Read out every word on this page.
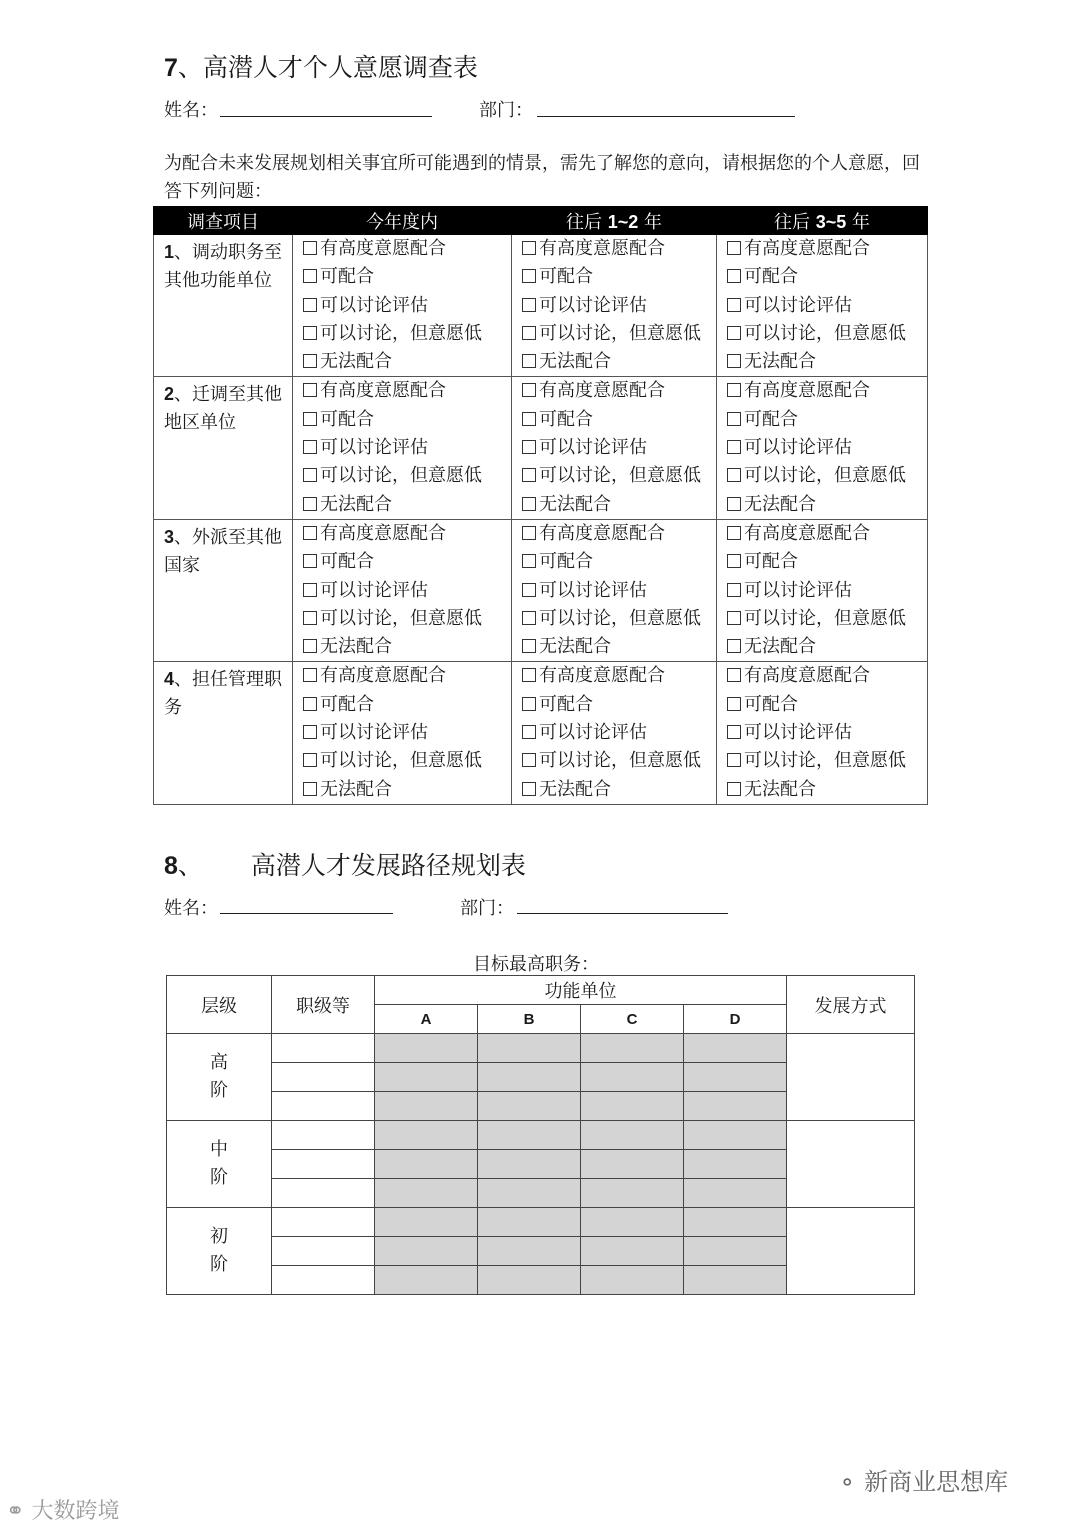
7、高潜人才个人意愿调查表
姓名：	部门：
为配合未来发展规划相关事宜所可能遇到的情景，需先了解您的意向，请根据您的个人意愿，回答下列问题：
调查项目	今年度内	往后 1~2 年	往后 3~5 年

1、调动职务至其他功能单位	有高度意愿配合
可配合
可以讨论评估
可以讨论，但意愿低
无法配合	有高度意愿配合
可配合
可以讨论评估
可以讨论，但意愿低
无法配合	有高度意愿配合
可配合
可以讨论评估
可以讨论，但意愿低
无法配合

2、迁调至其他地区单位	有高度意愿配合
可配合
可以讨论评估
可以讨论，但意愿低
无法配合	有高度意愿配合
可配合
可以讨论评估
可以讨论，但意愿低
无法配合	有高度意愿配合
可配合
可以讨论评估
可以讨论，但意愿低
无法配合

3、外派至其他国家	有高度意愿配合
可配合
可以讨论评估
可以讨论，但意愿低
无法配合	有高度意愿配合
可配合
可以讨论评估
可以讨论，但意愿低
无法配合	有高度意愿配合
可配合
可以讨论评估
可以讨论，但意愿低
无法配合

4、担任管理职务	有高度意愿配合
可配合
可以讨论评估
可以讨论，但意愿低
无法配合	有高度意愿配合
可配合
可以讨论评估
可以讨论，但意愿低
无法配合	有高度意愿配合
可配合
可以讨论评估
可以讨论，但意愿低
无法配合
8、 高潜人才发展路径规划表
姓名：	部门：
目标最高职务：
层级	职级等	功能单位				发展方式
		A	B	C	D	

高
阶						

中
阶						

初
阶						

⚬ 新商业思想库
⚭ 大数跨境
